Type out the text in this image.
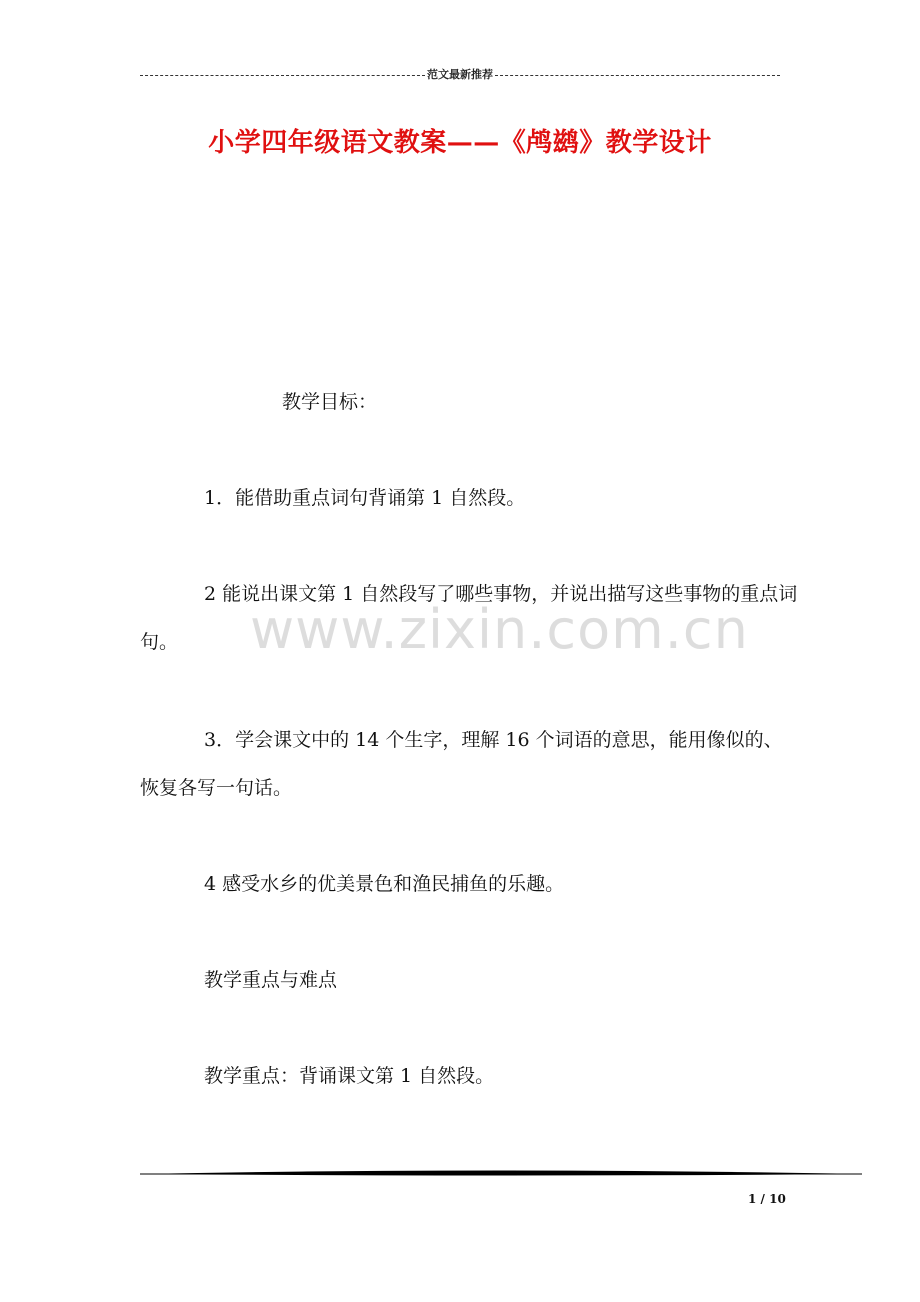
范文最新推荐
小学四年级语文教案——《鸬鹚》教学设计
www.zixin.com.cn

教学目标：

1．能借助重点词句背诵第 1 自然段。

2 能说出课文第 1 自然段写了哪些事物，并说出描写这些事物的重点词句。

3．学会课文中的 14 个生字，理解 16 个词语的意思，能用像似的、恢复各写一句话。

4 感受水乡的优美景色和渔民捕鱼的乐趣。

教学重点与难点

教学重点：背诵课文第 1 自然段。

1 / 10
